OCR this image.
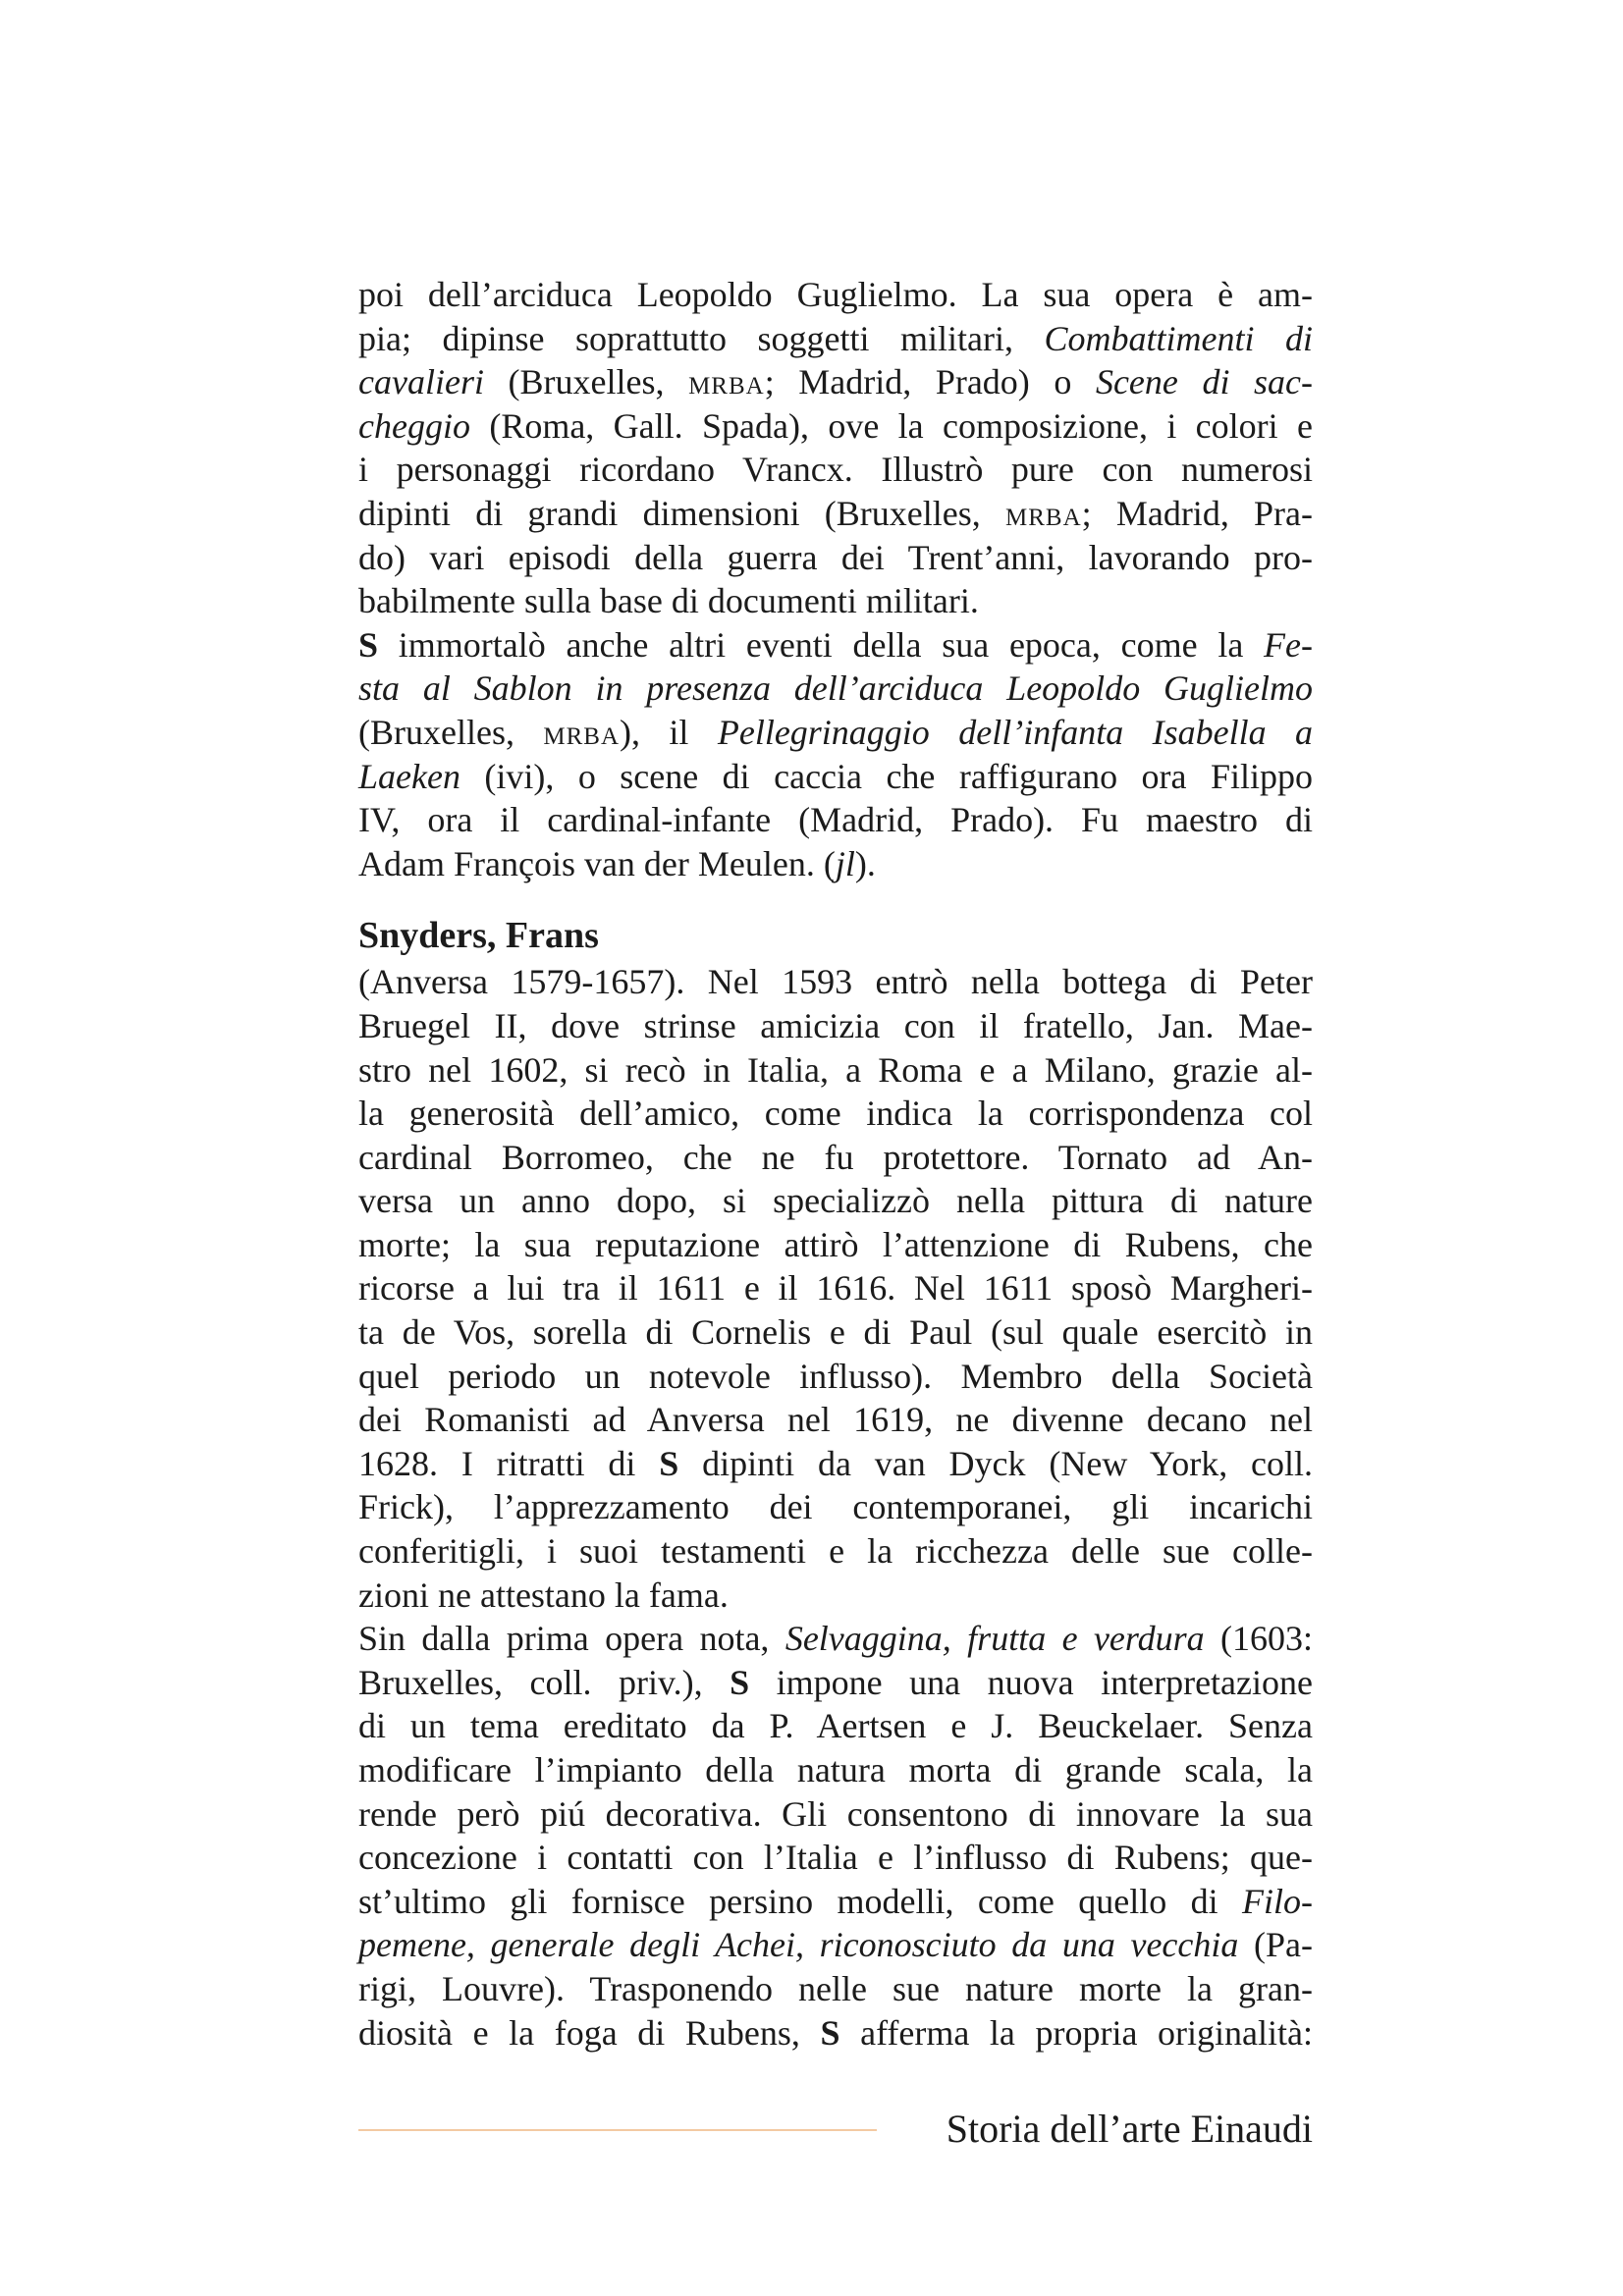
poi dell’arciduca Leopoldo Guglielmo. La sua opera è am-
pia; dipinse soprattutto soggetti militari, Combattimenti di
cavalieri (Bruxelles, mrba; Madrid, Prado) o Scene di sac-
cheggio (Roma, Gall. Spada), ove la composizione, i colori e
i personaggi ricordano Vrancx. Illustrò pure con numerosi
dipinti di grandi dimensioni (Bruxelles, mrba; Madrid, Pra-
do) vari episodi della guerra dei Trent’anni, lavorando pro-
babilmente sulla base di documenti militari.
S immortalò anche altri eventi della sua epoca, come la Fe-
sta al Sablon in presenza dell’arciduca Leopoldo Guglielmo
(Bruxelles, mrba), il Pellegrinaggio dell’infanta Isabella a
Laeken (ivi), o scene di caccia che raffigurano ora Filippo
IV, ora il cardinal-infante (Madrid, Prado). Fu maestro di
Adam François van der Meulen. (jl).
Snyders, Frans
(Anversa 1579-1657). Nel 1593 entrò nella bottega di Peter
Bruegel II, dove strinse amicizia con il fratello, Jan. Mae-
stro nel 1602, si recò in Italia, a Roma e a Milano, grazie al-
la generosità dell’amico, come indica la corrispondenza col
cardinal Borromeo, che ne fu protettore. Tornato ad An-
versa un anno dopo, si specializzò nella pittura di nature
morte; la sua reputazione attirò l’attenzione di Rubens, che
ricorse a lui tra il 1611 e il 1616. Nel 1611 sposò Margheri-
ta de Vos, sorella di Cornelis e di Paul (sul quale esercitò in
quel periodo un notevole influsso). Membro della Società
dei Romanisti ad Anversa nel 1619, ne divenne decano nel
1628. I ritratti di S dipinti da van Dyck (New York, coll.
Frick), l’apprezzamento dei contemporanei, gli incarichi
conferitigli, i suoi testamenti e la ricchezza delle sue colle-
zioni ne attestano la fama.
Sin dalla prima opera nota, Selvaggina, frutta e verdura (1603:
Bruxelles, coll. priv.), S impone una nuova interpretazione
di un tema ereditato da P. Aertsen e J. Beuckelaer. Senza
modificare l’impianto della natura morta di grande scala, la
rende però piú decorativa. Gli consentono di innovare la sua
concezione i contatti con l’Italia e l’influsso di Rubens; que-
st’ultimo gli fornisce persino modelli, come quello di Filo-
pemene, generale degli Achei, riconosciuto da una vecchia (Pa-
rigi, Louvre). Trasponendo nelle sue nature morte la gran-
diosità e la foga di Rubens, S afferma la propria originalità:
Storia dell’arte Einaudi
